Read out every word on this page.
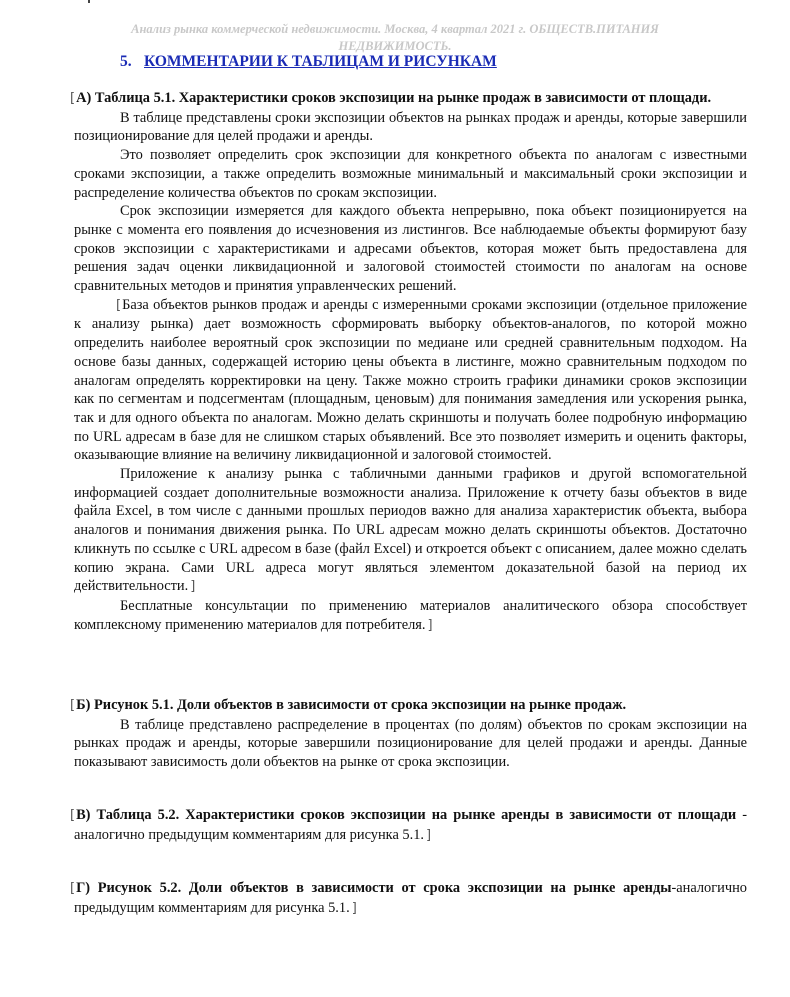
Анализ рынка коммерческой недвижимости. Москва, 4 квартал 2021 г. ОБЩЕСТВ.ПИТАНИЯ
НЕДВИЖИМОСТЬ.
5. КОММЕНТАРИИ К ТАБЛИЦАМ И РИСУНКАМ

[А) Таблица 5.1. Характеристики сроков экспозиции на рынке продаж в зависимости от площади.

В таблице представлены сроки экспозиции объектов на рынках продаж и аренды, которые завершили позиционирование для целей продажи и аренды.

Это позволяет определить срок экспозиции для конкретного объекта по аналогам с известными сроками экспозиции, а также определить возможные минимальный и максимальный сроки экспозиции и распределение количества объектов по срокам экспозиции.

Срок экспозиции измеряется для каждого объекта непрерывно, пока объект позиционируется на рынке с момента его появления до исчезновения из листингов. Все наблюдаемые объекты формируют базу сроков экспозиции с характеристиками и адресами объектов, которая может быть предоставлена для решения задач оценки ликвидационной и залоговой стоимостей стоимости по аналогам на основе сравнительных методов и принятия управленческих решений.

[База объектов рынков продаж и аренды с измеренными сроками экспозиции (отдельное приложение к анализу рынка) дает возможность сформировать выборку объектов-аналогов, по которой можно определить наиболее вероятный срок экспозиции по медиане или средней сравнительным подходом. На основе базы данных, содержащей историю цены объекта в листинге, можно сравнительным подходом по аналогам определять корректировки на цену. Также можно строить графики динамики сроков экспозиции как по сегментам и подсегментам (площадным, ценовым) для понимания замедления или ускорения рынка, так и для одного объекта по аналогам. Можно делать скриншоты и получать более подробную информацию по URL адресам в базе для не слишком старых объявлений. Все это позволяет измерить и оценить факторы, оказывающие влияние на величину ликвидационной и залоговой стоимостей.

Приложение к анализу рынка с табличными данными графиков и другой вспомогательной информацией создает дополнительные возможности анализа. Приложение к отчету базы объектов в виде файла Excel, в том числе с данными прошлых периодов важно для анализа характеристик объекта, выбора аналогов и понимания движения рынка. По URL адресам можно делать скриншоты объектов. Достаточно кликнуть по ссылке с URL адресом в базе (файл Excel) и откроется объект с описанием, далее можно сделать копию экрана. Сами URL адреса могут являться элементом доказательной базой на период их действительности. ]

Бесплатные консультации по применению материалов аналитического обзора способствует комплексному применению материалов для потребителя. ]

[Б) Рисунок 5.1. Доли объектов в зависимости от срока экспозиции на рынке продаж.

В таблице представлено распределение в процентах (по долям) объектов по срокам экспозиции на рынках продаж и аренды, которые завершили позиционирование для целей продажи и аренды. Данные показывают зависимость доли объектов на рынке от срока экспозиции.

[В) Таблица 5.2. Характеристики сроков экспозиции на рынке аренды в зависимости от площади - аналогично предыдущим комментариям для рисунка 5.1. ]

[Г) Рисунок 5.2. Доли объектов в зависимости от срока экспозиции на рынке аренды-аналогично предыдущим комментариям для рисунка 5.1. ]
